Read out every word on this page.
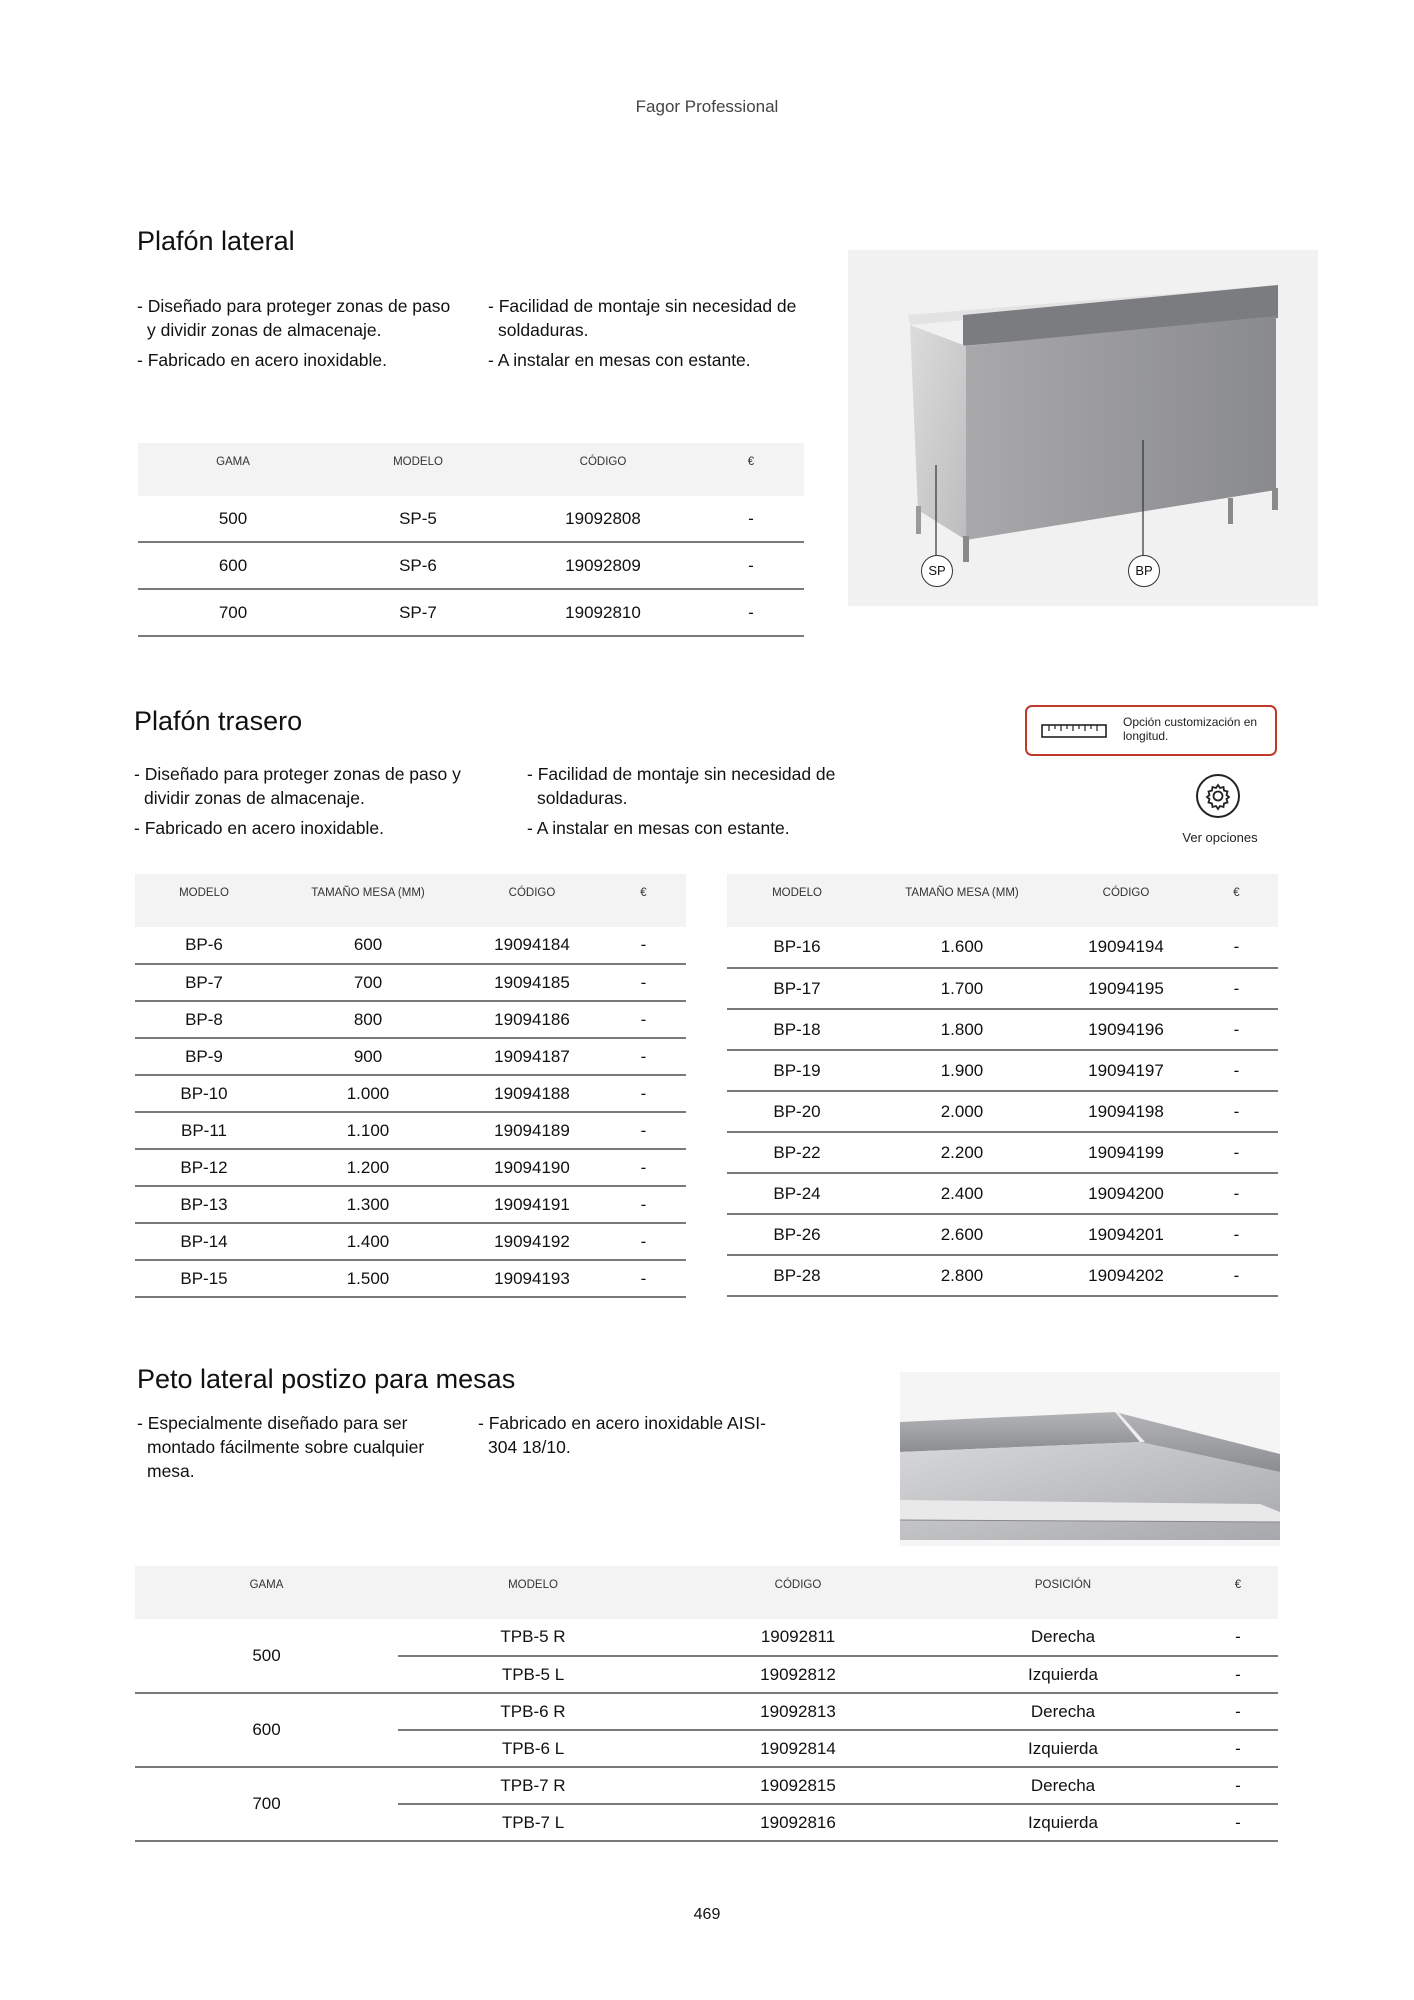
Fagor Professional
Plafón lateral
- Diseñado para proteger zonas de paso y dividir zonas de almacenaje.
- Fabricado en acero inoxidable.
- Facilidad de montaje sin necesidad de soldaduras.
- A instalar en mesas con estante.
GAMA	MODELO	CÓDIGO	€
500	SP-5	19092808	-
600	SP-6	19092809	-
700	SP-7	19092810	-
SP	BP
Plafón trasero
- Diseñado para proteger zonas de paso y dividir zonas de almacenaje.
- Fabricado en acero inoxidable.
- Facilidad de montaje sin necesidad de soldaduras.
- A instalar en mesas con estante.
Opción customización en longitud.
Ver opciones
MODELO	TAMAÑO MESA (MM)	CÓDIGO	€
BP-6	600	19094184	-
BP-7	700	19094185	-
BP-8	800	19094186	-
BP-9	900	19094187	-
BP-10	1.000	19094188	-
BP-11	1.100	19094189	-
BP-12	1.200	19094190	-
BP-13	1.300	19094191	-
BP-14	1.400	19094192	-
BP-15	1.500	19094193	-
MODELO	TAMAÑO MESA (MM)	CÓDIGO	€
BP-16	1.600	19094194	-
BP-17	1.700	19094195	-
BP-18	1.800	19094196	-
BP-19	1.900	19094197	-
BP-20	2.000	19094198	-
BP-22	2.200	19094199	-
BP-24	2.400	19094200	-
BP-26	2.600	19094201	-
BP-28	2.800	19094202	-
Peto lateral postizo para mesas
- Especialmente diseñado para ser montado fácilmente sobre cualquier mesa.
- Fabricado en acero inoxidable AISI-304 18/10.
GAMA	MODELO	CÓDIGO	POSICIÓN	€
500	TPB-5 R	19092811	Derecha	-
	TPB-5 L	19092812	Izquierda	-
600	TPB-6 R	19092813	Derecha	-
	TPB-6 L	19092814	Izquierda	-
700	TPB-7 R	19092815	Derecha	-
	TPB-7 L	19092816	Izquierda	-
469
